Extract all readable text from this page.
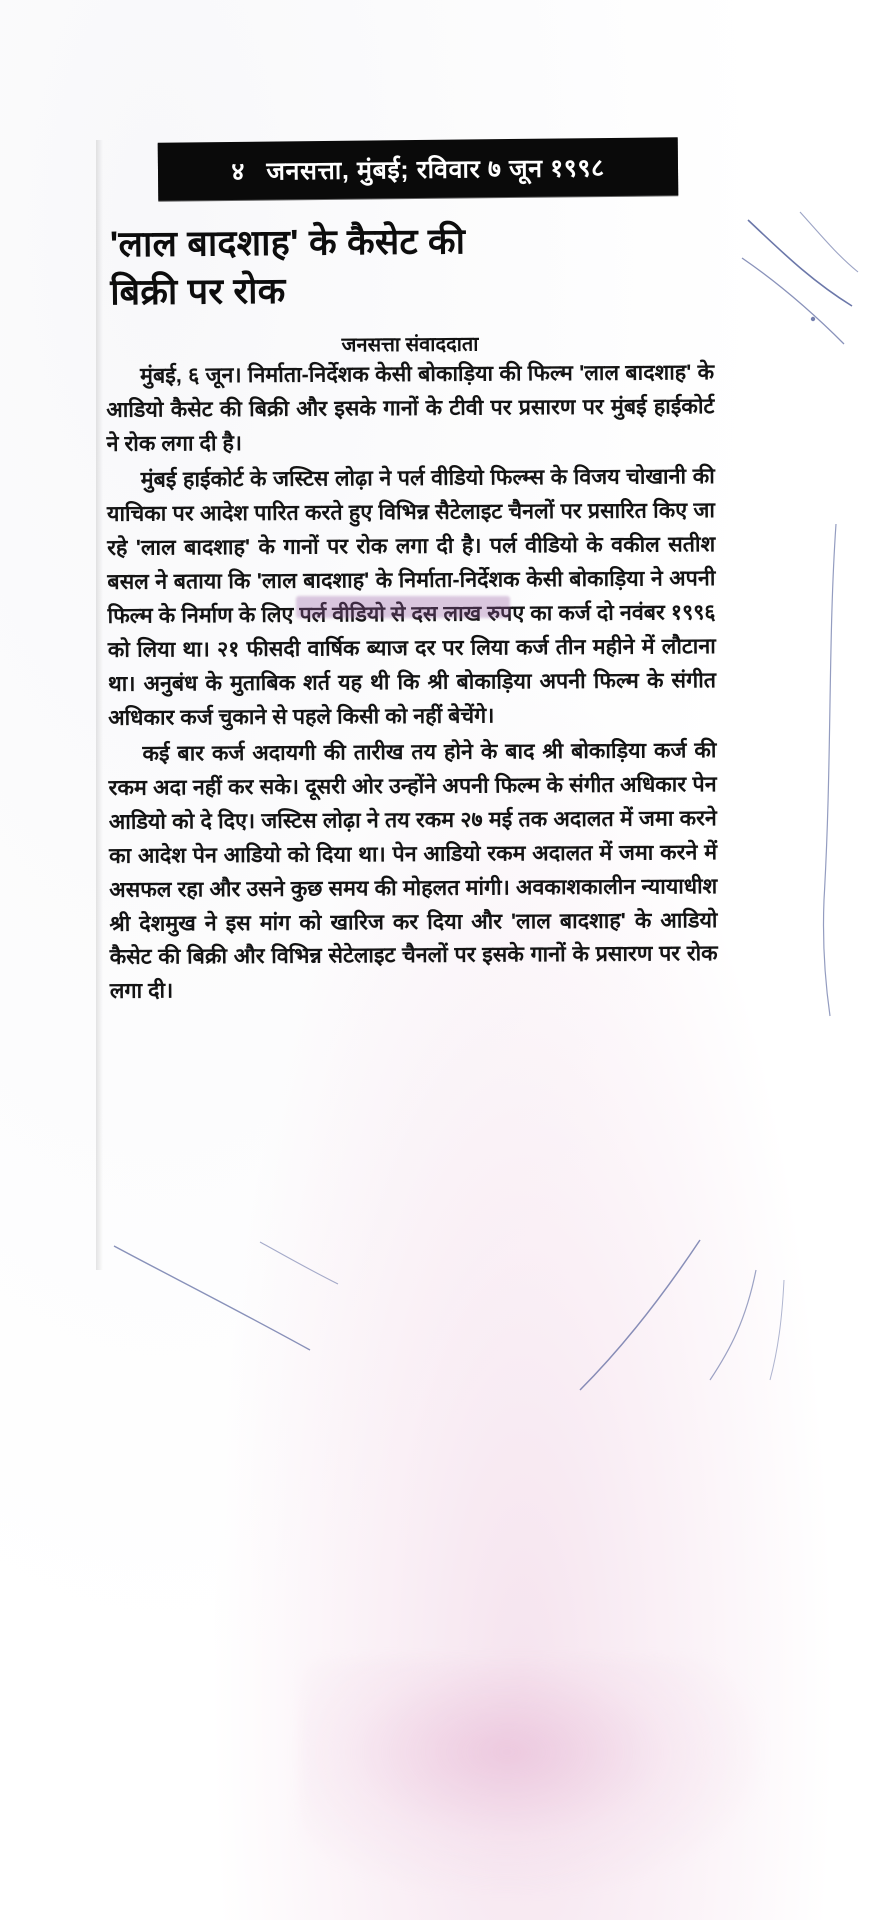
४ जनसत्ता, मुंबई; रविवार ७ जून १९९८
'लाल बादशाह' के कैसेट की
बिक्री पर रोक
जनसत्ता संवाददाता

मुंबई, ६ जून। निर्माता-निर्देशक केसी बोकाड़िया की फिल्म 'लाल बादशाह' के आडियो कैसेट की बिक्री और इसके गानों के टीवी पर प्रसारण पर मुंबई हाईकोर्ट ने रोक लगा दी है।

मुंबई हाईकोर्ट के जस्टिस लोढ़ा ने पर्ल वीडियो फिल्म्स के विजय चोखानी की याचिका पर आदेश पारित करते हुए विभिन्न सैटेलाइट चैनलों पर प्रसारित किए जा रहे 'लाल बादशाह' के गानों पर रोक लगा दी है। पर्ल वीडियो के वकील सतीश बसल ने बताया कि 'लाल बादशाह' के निर्माता-निर्देशक केसी बोकाड़िया ने अपनी फिल्म के निर्माण के लिए पर्ल वीडियो से दस लाख रुपए का कर्ज दो नवंबर १९९६ को लिया था। २१ फीसदी वार्षिक ब्याज दर पर लिया कर्ज तीन महीने में लौटाना था। अनुबंध के मुताबिक शर्त यह थी कि श्री बोकाड़िया अपनी फिल्म के संगीत अधिकार कर्ज चुकाने से पहले किसी को नहीं बेचेंगे।

कई बार कर्ज अदायगी की तारीख तय होने के बाद श्री बोकाड़िया कर्ज की रकम अदा नहीं कर सके। दूसरी ओर उन्होंने अपनी फिल्म के संगीत अधिकार पेन आडियो को दे दिए। जस्टिस लोढ़ा ने तय रकम २७ मई तक अदालत में जमा करने का आदेश पेन आडियो को दिया था। पेन आडियो रकम अदालत में जमा करने में असफल रहा और उसने कुछ समय की मोहलत मांगी। अवकाशकालीन न्यायाधीश श्री देशमुख ने इस मांग को खारिज कर दिया और 'लाल बादशाह' के आडियो कैसेट की बिक्री और विभिन्न सेटेलाइट चैनलों पर इसके गानों के प्रसारण पर रोक लगा दी।
